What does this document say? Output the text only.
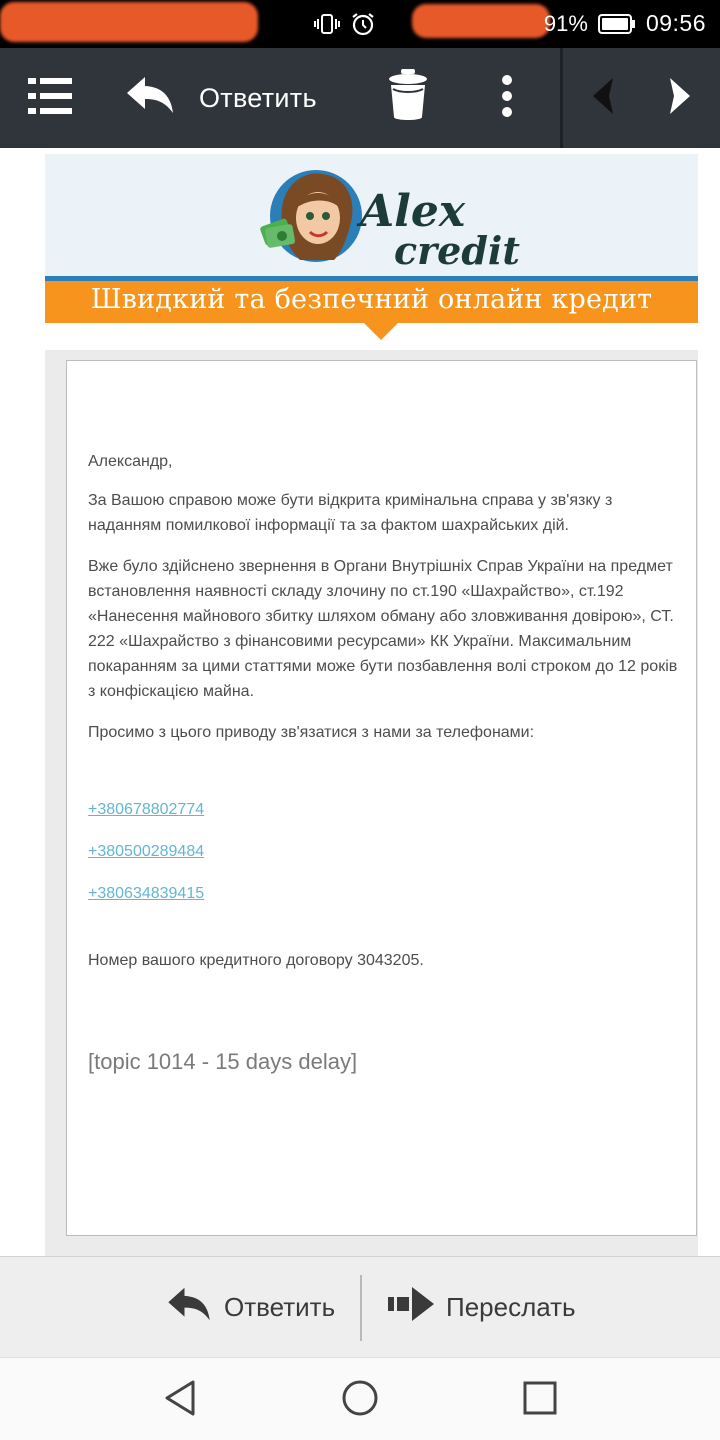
91%	09:56
Ответить
Alex
credit
Швидкий та безпечний онлайн кредит

Александр,

За Вашою справою може бути відкрита кримінальна справа у зв'язку з наданням помилкової інформації та за фактом шахрайських дій.

Вже було здійснено звернення в Органи Внутрішніх Справ України на предмет встановлення наявності складу злочину по ст.190 «Шахрайство», ст.192 «Нанесення майнового збитку шляхом обману або зловживання довірою», СТ. 222 «Шахрайство з фінансовими ресурсами» КК України. Максимальним покаранням за цими статтями може бути позбавлення волі строком до 12 років з конфіскацією майна.

Просимо з цього приводу зв'язатися з нами за телефонами:

+380678802774
+380500289484
+380634839415

Номер вашого кредитного договору 3043205.

[topic 1014 - 15 days delay]

Ответить	Переслать
